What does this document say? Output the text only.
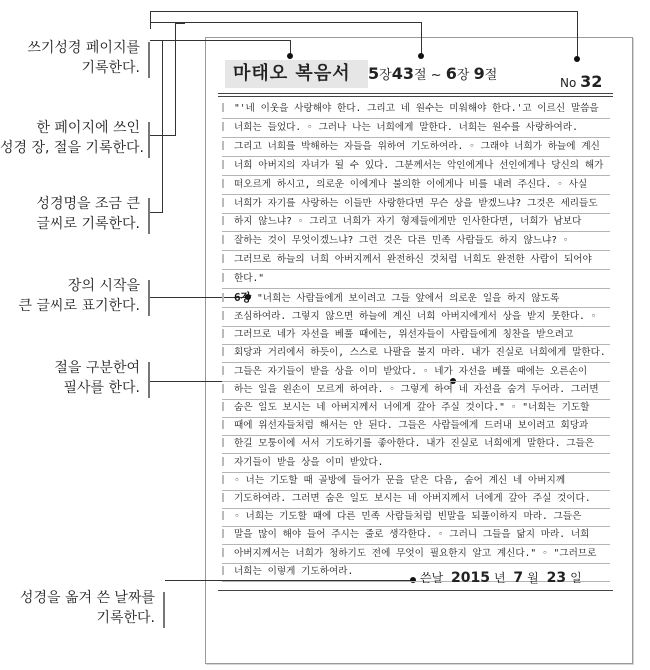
쓰기성경 페이지를
기록한다.
한 페이지에 쓰인
성경 장, 절을 기록한다.
성경명을 조금 큰
글씨로 기록한다.
장의 시작을
큰 글씨로 표기한다.
절을 구분한여
필사를 한다.
성경을 옮겨 쓴 날짜를
기록한다.
마태오 복음서	5장43절 ~ 6장 9절	No 32
"'네 이웃을 사랑해야 한다. 그리고 네 원수는 미워해야 한다.'고 이르신 말씀을
너희는 들었다. ◦ 그러나 나는 너희에게 말한다. 너희는 원수를 사랑하여라.
그리고 너희를 박해하는 자들을 위하여 기도하여라. ◦ 그래야 너희가 하늘에 계신
너희 아버지의 자녀가 될 수 있다. 그분께서는 악인에게나 선인에게나 당신의 해가
떠오르게 하시고, 의로운 이에게나 불의한 이에게나 비를 내려 주신다. ◦ 사실
너희가 자기를 사랑하는 이들만 사랑한다면 무슨 상을 받겠느냐? 그것은 세리들도
하지 않느냐? ◦ 그리고 너희가 자기 형제들에게만 인사한다면, 너희가 남보다
잘하는 것이 무엇이겠느냐? 그런 것은 다른 민족 사람들도 하지 않느냐? ◦
그러므로 하늘의 너희 아버지께서 완전하신 것처럼 너희도 완전한 사람이 되어야
한다."
6장 "너희는 사람들에게 보이려고 그들 앞에서 의로운 일을 하지 않도록
조심하여라. 그렇지 않으면 하늘에 계신 너희 아버지에게서 상을 받지 못한다. ◦
그러므로 네가 자선을 베풀 때에는, 위선자들이 사람들에게 칭찬을 받으려고
회당과 거리에서 하듯이, 스스로 나팔을 불지 마라. 내가 진실로 너희에게 말한다.
그들은 자기들이 받을 상을 이미 받았다. ◦ 네가 자선을 베풀 때에는 오른손이
하는 일을 왼손이 모르게 하여라. ◦ 그렇게 하여 네 자선을 숨겨 두어라. 그러면
숨은 일도 보시는 네 아버지께서 너에게 갚아 주실 것이다." ◦ "너희는 기도할
때에 위선자들처럼 해서는 안 된다. 그들은 사람들에게 드러내 보이려고 회당과
한길 모퉁이에 서서 기도하기를 좋아한다. 내가 진실로 너희에게 말한다. 그들은
자기들이 받을 상을 이미 받았다.
◦ 너는 기도할 때 골방에 들어가 문을 닫은 다음, 숨어 계신 네 아버지께
기도하여라. 그러면 숨은 일도 보시는 네 아버지께서 너에게 갚아 주실 것이다.
◦ 너희는 기도할 때에 다른 민족 사람들처럼 빈말을 되풀이하지 마라. 그들은
말을 많이 해야 들어 주시는 줄로 생각한다. ◦ 그러니 그들을 닮지 마라. 너희
아버지께서는 너희가 청하기도 전에 무엇이 필요한지 알고 계신다." ◦ "그러므로
너희는 이렇게 기도하여라.	쓴날 2015 년 7 월 23 일
